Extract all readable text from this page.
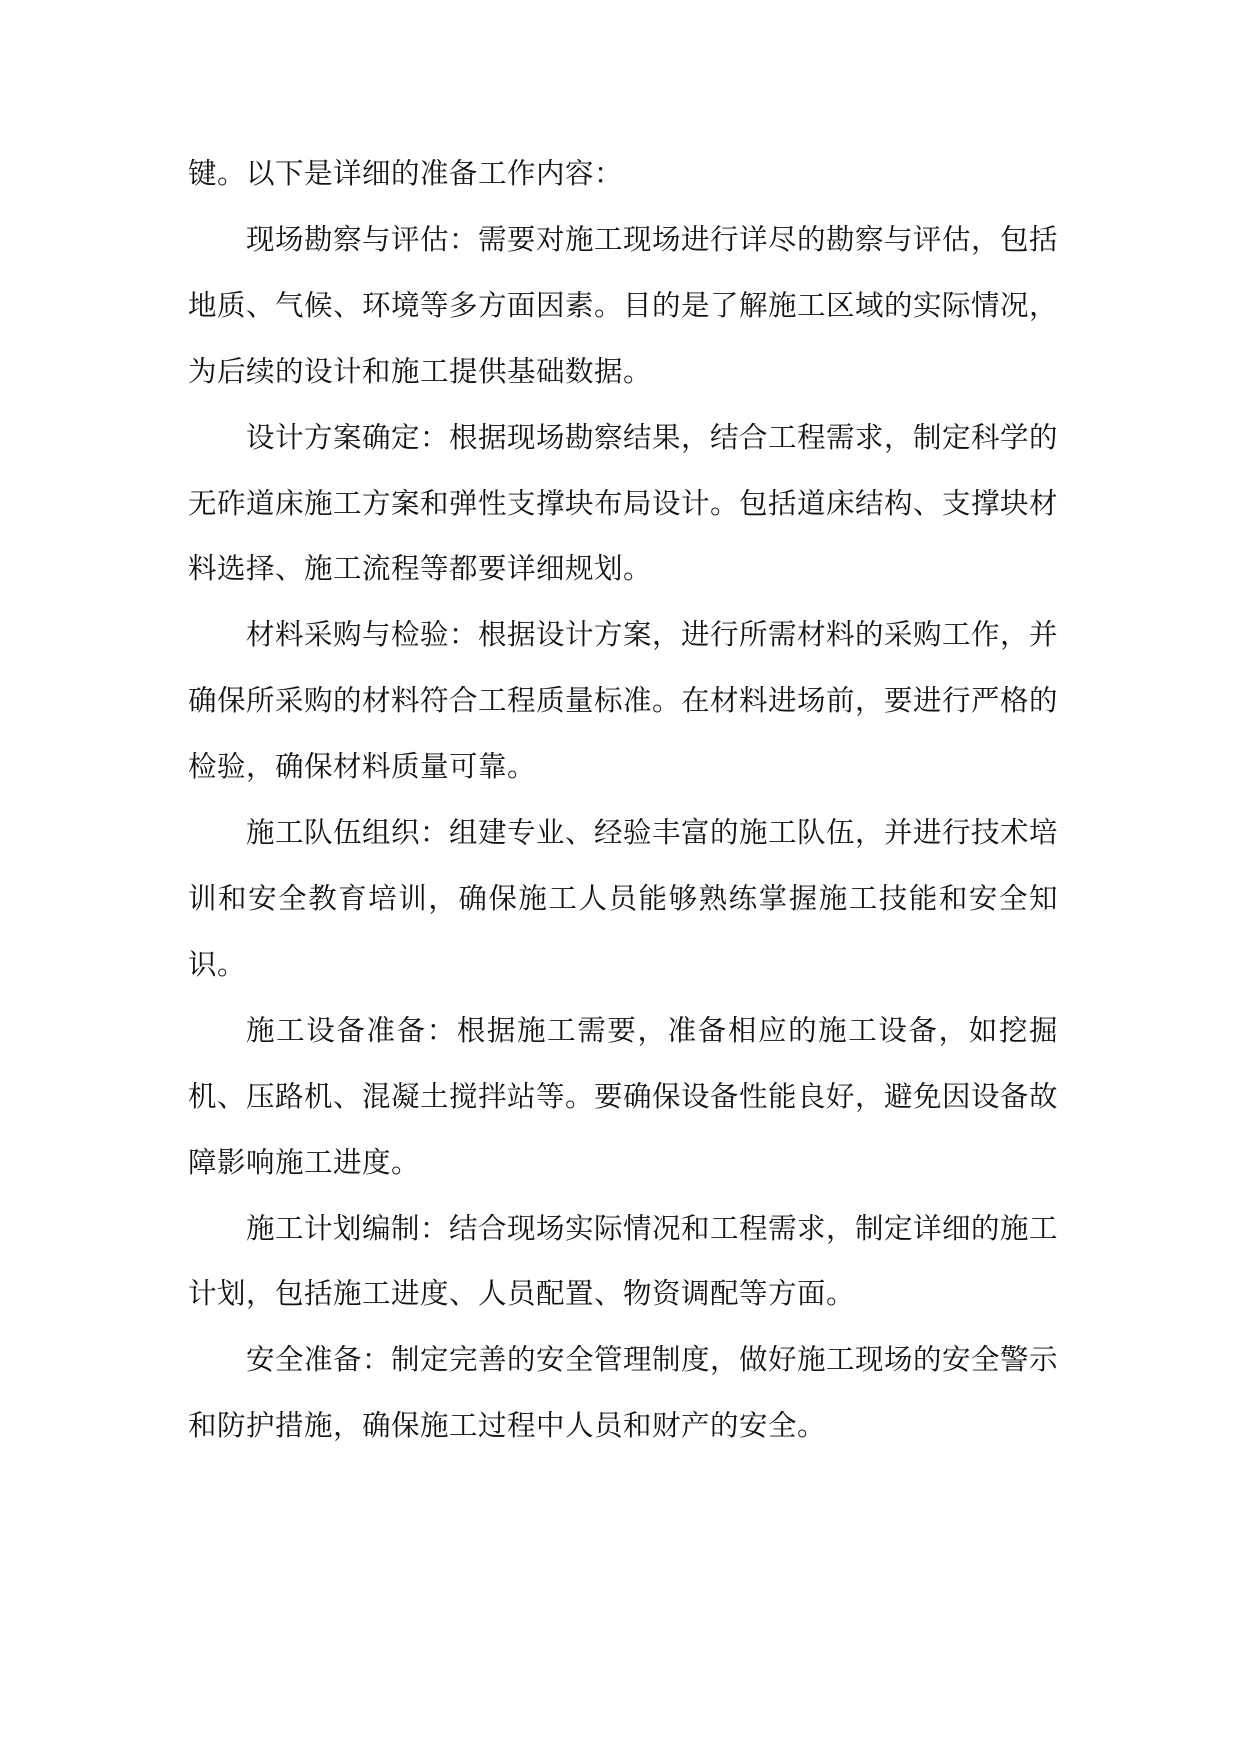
键。以下是详细的准备工作内容：

现场勘察与评估：需要对施工现场进行详尽的勘察与评估，包括地质、气候、环境等多方面因素。目的是了解施工区域的实际情况，为后续的设计和施工提供基础数据。

设计方案确定：根据现场勘察结果，结合工程需求，制定科学的无砟道床施工方案和弹性支撑块布局设计。包括道床结构、支撑块材料选择、施工流程等都要详细规划。

材料采购与检验：根据设计方案，进行所需材料的采购工作，并确保所采购的材料符合工程质量标准。在材料进场前，要进行严格的检验，确保材料质量可靠。

施工队伍组织：组建专业、经验丰富的施工队伍，并进行技术培训和安全教育培训，确保施工人员能够熟练掌握施工技能和安全知识。

施工设备准备：根据施工需要，准备相应的施工设备，如挖掘机、压路机、混凝土搅拌站等。要确保设备性能良好，避免因设备故障影响施工进度。

施工计划编制：结合现场实际情况和工程需求，制定详细的施工计划，包括施工进度、人员配置、物资调配等方面。

安全准备：制定完善的安全管理制度，做好施工现场的安全警示和防护措施，确保施工过程中人员和财产的安全。
